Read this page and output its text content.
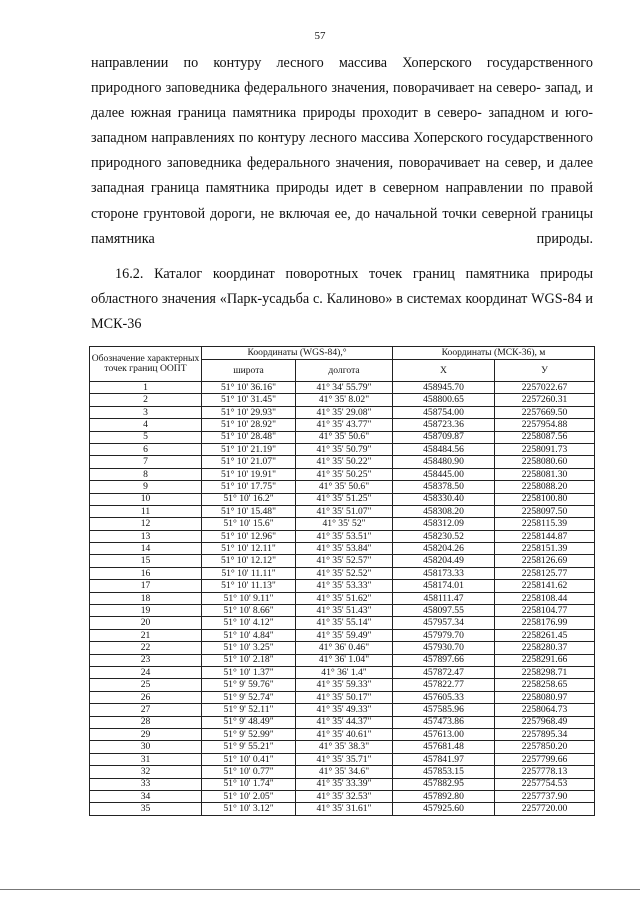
57
направлении по контуру лесного массива Хоперского государственного природного заповедника федерального значения, поворачивает на северо- запад, и далее южная граница памятника природы проходит в северо- западном и юго-западном направлениях по контуру лесного массива Хоперского государственного природного заповедника федерального значения, поворачивает на север, и далее западная граница памятника природы идет в северном направлении по правой стороне грунтовой дороги, не включая ее, до начальной точки северной границы памятника природы.
16.2. Каталог координат поворотных точек границ памятника природы областного значения «Парк-усадьба с. Калиново» в системах координат WGS-84 и МСК-36
Обозначение характерных точек границ ООПТ	Координаты (WGS-84),°		Координаты (МСК-36), м	
	широта	долгота	X	У
1	51° 10' 36.16"	41° 34' 55.79"	458945.70	2257022.67
2	51° 10' 31.45"	41° 35' 8.02"	458800.65	2257260.31
3	51° 10' 29.93"	41° 35' 29.08"	458754.00	2257669.50
4	51° 10' 28.92"	41° 35' 43.77"	458723.36	2257954.88
5	51° 10' 28.48"	41° 35' 50.6"	458709.87	2258087.56
6	51° 10' 21.19"	41° 35' 50.79"	458484.56	2258091.73
7	51° 10' 21.07"	41° 35' 50.22"	458480.90	2258080.60
8	51° 10' 19.91"	41° 35' 50.25"	458445.00	2258081.30
9	51° 10' 17.75"	41° 35' 50.6"	458378.50	2258088.20
10	51° 10' 16.2"	41° 35' 51.25"	458330.40	2258100.80
11	51° 10' 15.48"	41° 35' 51.07"	458308.20	2258097.50
12	51° 10' 15.6"	41° 35' 52"	458312.09	2258115.39
13	51° 10' 12.96"	41° 35' 53.51"	458230.52	2258144.87
14	51° 10' 12.11"	41° 35' 53.84"	458204.26	2258151.39
15	51° 10' 12.12"	41° 35' 52.57"	458204.49	2258126.69
16	51° 10' 11.11"	41° 35' 52.52"	458173.33	2258125.77
17	51° 10' 11.13"	41° 35' 53.33"	458174.01	2258141.62
18	51° 10' 9.11"	41° 35' 51.62"	458111.47	2258108.44
19	51° 10' 8.66"	41° 35' 51.43"	458097.55	2258104.77
20	51° 10' 4.12"	41° 35' 55.14"	457957.34	2258176.99
21	51° 10' 4.84"	41° 35' 59.49"	457979.70	2258261.45
22	51° 10' 3.25"	41° 36' 0.46"	457930.70	2258280.37
23	51° 10' 2.18"	41° 36' 1.04"	457897.66	2258291.66
24	51° 10' 1.37"	41° 36' 1.4"	457872.47	2258298.71
25	51° 9' 59.76"	41° 35' 59.33"	457822.77	2258258.65
26	51° 9' 52.74"	41° 35' 50.17"	457605.33	2258080.97
27	51° 9' 52.11"	41° 35' 49.33"	457585.96	2258064.73
28	51° 9' 48.49"	41° 35' 44.37"	457473.86	2257968.49
29	51° 9' 52.99"	41° 35' 40.61"	457613.00	2257895.34
30	51° 9' 55.21"	41° 35' 38.3"	457681.48	2257850.20
31	51° 10' 0.41"	41° 35' 35.71"	457841.97	2257799.66
32	51° 10' 0.77"	41° 35' 34.6"	457853.15	2257778.13
33	51° 10' 1.74"	41° 35' 33.39"	457882.95	2257754.53
34	51° 10' 2.05"	41° 35' 32.53"	457892.80	2257737.90
35	51° 10' 3.12"	41° 35' 31.61"	457925.60	2257720.00
